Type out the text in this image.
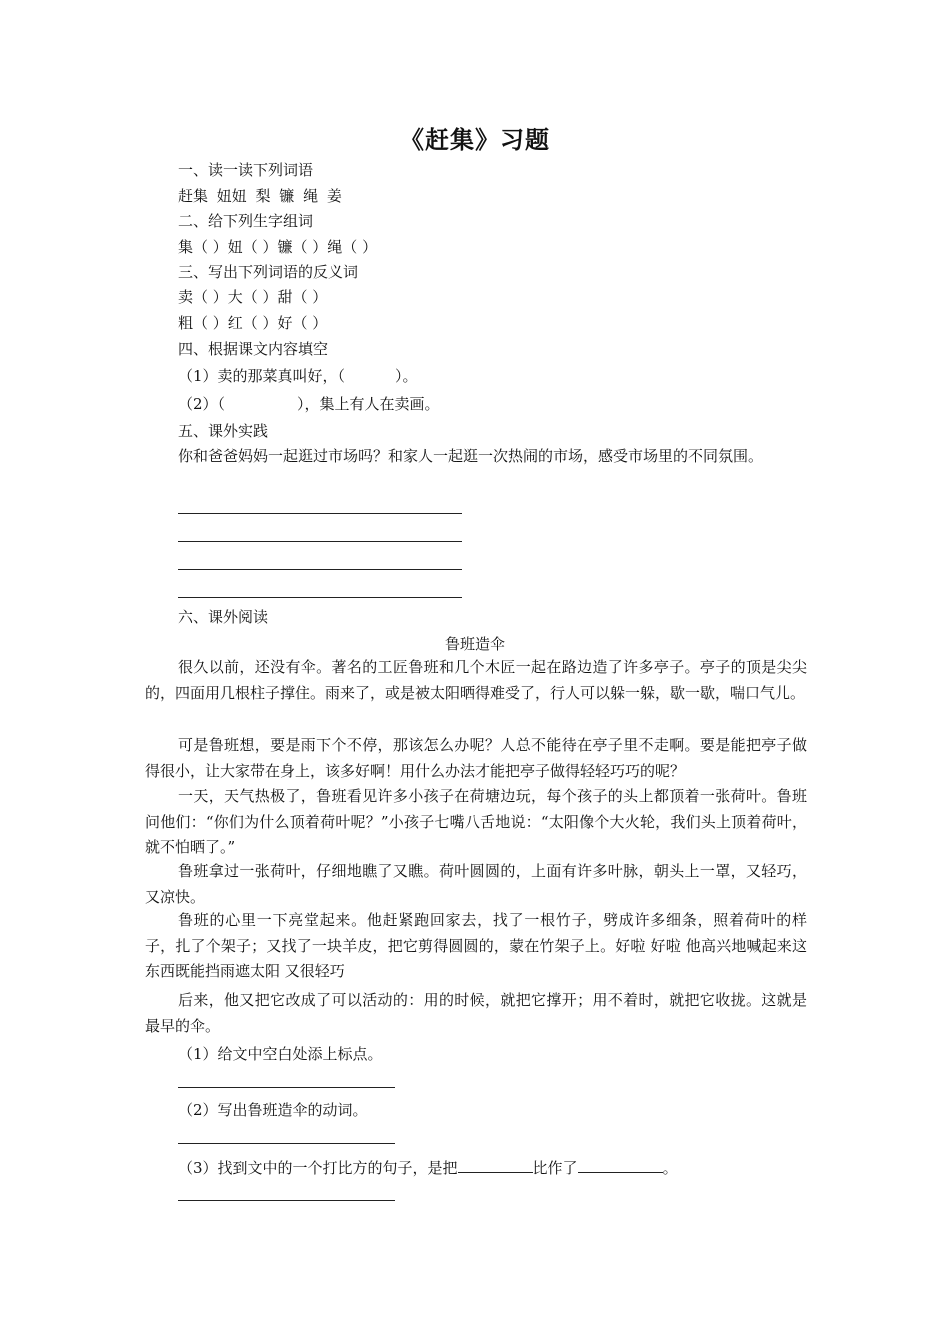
《赶集》习题
一、读一读下列词语
赶集 妞妞 梨 镰 绳 姜
二、给下列生字组词
集（ ）妞（ ）镰（ ）绳（ ）
三、写出下列词语的反义词
卖（ ）大（ ）甜（ ）
粗（ ）红（ ）好（ ）
四、根据课文内容填空
（1）卖的那菜真叫好，（	）。
（2）（	），集上有人在卖画。
五、课外实践
你和爸爸妈妈一起逛过市场吗？和家人一起逛一次热闹的市场，感受市场里的不同氛围。
六、课外阅读
鲁班造伞
很久以前，还没有伞。著名的工匠鲁班和几个木匠一起在路边造了许多亭子。亭子的顶是尖尖的，四面用几根柱子撑住。雨来了，或是被太阳晒得难受了，行人可以躲一躲，歇一歇，喘口气儿。
可是鲁班想，要是雨下个不停，那该怎么办呢？人总不能待在亭子里不走啊。要是能把亭子做得很小，让大家带在身上，该多好啊！用什么办法才能把亭子做得轻轻巧巧的呢？
一天，天气热极了，鲁班看见许多小孩子在荷塘边玩，每个孩子的头上都顶着一张荷叶。鲁班问他们：“你们为什么顶着荷叶呢？”小孩子七嘴八舌地说：“太阳像个大火轮，我们头上顶着荷叶，就不怕晒了。”
鲁班拿过一张荷叶，仔细地瞧了又瞧。荷叶圆圆的，上面有许多叶脉，朝头上一罩，又轻巧，又凉快。
鲁班的心里一下亮堂起来。他赶紧跑回家去，找了一根竹子，劈成许多细条，照着荷叶的样子，扎了个架子；又找了一块羊皮，把它剪得圆圆的，蒙在竹架子上。好啦 好啦 他高兴地喊起来这东西既能挡雨遮太阳 又很轻巧
后来，他又把它改成了可以活动的：用的时候，就把它撑开；用不着时，就把它收拢。这就是最早的伞。
（1）给文中空白处添上标点。
（2）写出鲁班造伞的动词。
（3）找到文中的一个打比方的句子，是把	比作了	。
